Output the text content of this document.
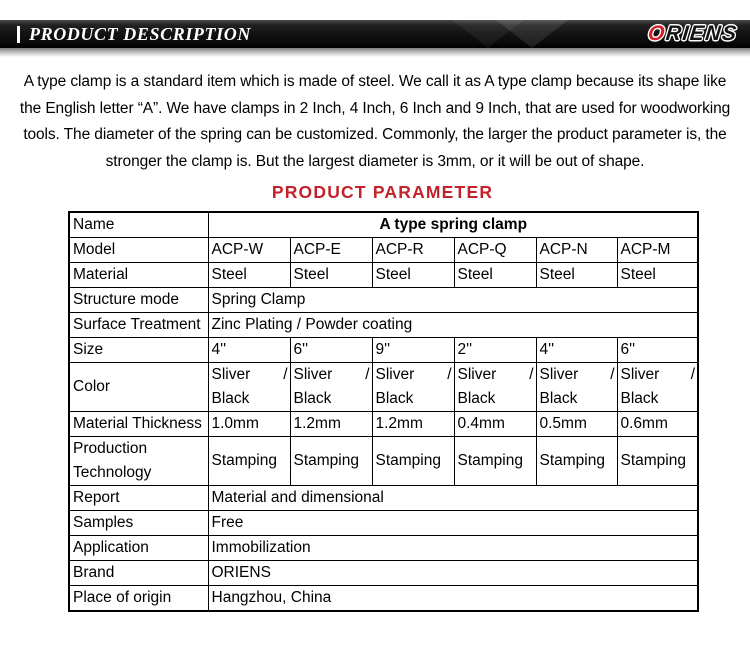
PRODUCT DESCRIPTION	ORIENS

A type clamp is a standard item which is made of steel. We call it as A type clamp because its shape like the English letter “A”. We have clamps in 2 Inch, 4 Inch, 6 Inch and 9 Inch, that are used for woodworking tools. The diameter of the spring can be customized. Commonly, the larger the product parameter is, the stronger the clamp is. But the largest diameter is 3mm, or it will be out of shape.

PRODUCT PARAMETER
Name	A type spring clamp					
Model	ACP-W	ACP-E	ACP-R	ACP-Q	ACP-N	ACP-M
Material	Steel	Steel	Steel	Steel	Steel	Steel
Structure mode	Spring Clamp					
Surface Treatment	Zinc Plating / Powder coating					
Size	4''	6''	9''	2''	4''	6''
Color	Sliver / Black	Sliver / Black	Sliver / Black	Sliver / Black	Sliver / Black	Sliver / Black
Material Thickness	1.0mm	1.2mm	1.2mm	0.4mm	0.5mm	0.6mm
Production Technology	Stamping	Stamping	Stamping	Stamping	Stamping	Stamping
Report	Material and dimensional					
Samples	Free					
Application	Immobilization					
Brand	ORIENS					
Place of origin	Hangzhou, China					
